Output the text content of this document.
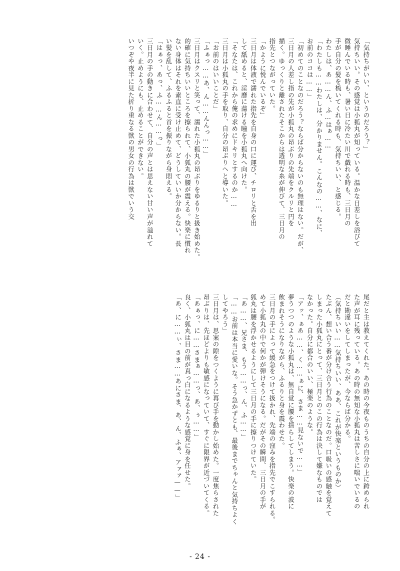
「気持ちがいい、というのだろう？」
気持ちいい。その感覚は小狐丸が知っている。温かな日差しを浴びて
微睡んでいる時も、暑い日に冷たい川で戯れる時も、三日月の
手が自分の髪を梳いてくれる時も、気持ちいい、と感じる。
わたしは、あ……ん、ふ…はぁ……
「わたしも……わたしは、分かりません。こんなの……、なに、
お前のココは……」
「初めてのことなのだろう？ならば分からないのも無理はない。だが、
三日月の人差し指の先が小狐丸の昂ぶりの先端をクルリと円を
描く。ゆっくりと離されたそこからは透明な糸が伸びて、三日月の
指先とつながっていた。
「かように悦んでいるぞ」
三日月は体液で濡れた指先を自身の口に運び、チロリと舌を出
して舐めると、淫靡に蕩ける瞳を小狐丸へ向けた。
「そなたは、これから俺の求めにドキリとするのか……
三日月は小狐丸の手を取り、自分の昂ぶりへと導いた。
「お前のはいいことだ」
「ふぁっ……あ、ん……んんっ……」
三日月はクスリと笑って、濡れた小狐丸の昂ぶりをゆるりと扱き始めた。
的確に気持ちいいところを擦られて、小狐丸の腰が震える。快楽に慣れ
ない身体はそれを素直に受け止めて、どうしていいか分からない。長
い髪を乱して、ふるふると首を振りながら身悶える。
「はぁっ、あっ、ふ……ん……っ」
三日月の手の動きに合わせて、自分の声とは思えない甘い声が溢れて
いく。止めようにも、止めることができない。
いつぞや夜半に見た折り重なる獣の男女の行為は獣でいう交
尾だと主は教えてくれた。あの時の今夜ものうちの自分の上に跨められ
た声が耳に残っている。あの時の無知な小狐丸は苦しさに喘いでいるの
だと勘違いをしてしまったが、今ならば分かる。
（気持ちいい……気持ちいい、ああ、これが快楽というものか）
たぶん、想い合う番が分け合う行為のことなのだ。口吸いの感触を覚えて
しまった小狐丸にとって、三日月とのこの行為は決して嫌なものでは
なかった。自分に都合のいい、極楽のような。
「アッ、ぁあ……、く……ぁに、さま……見ないで……」
夢うつつのような小狐丸は、無自覚に腰を揺らしてしまう。快楽の波に
飲まれそうになりながら、ふるりと身を震わせた。
三日月の手によって緩急をつけて扱かれ、先端の窪みを指先でこすられる。
めて小狐丸の中で何かが弾けそうになる。だがその瞬間、三日月の手が
狐丸は腰を浮かせるようにして三日月の手に擦りつけていた。
「あ……、兄さま、もう……っ、ん、ふ……」
「……お前は本当に愛いな。そう急かずとも、最後までちゃんと気持ちよく
してやろう」
三日月は、思案の隙をつくように再び手を動かし始めた。一度焦らされた
昂ぶりは、先ほどよりも敏感になっていて、すぐに限界が近づいてくる。
「あぁっ、に……さまぁ……っ、あ、ぅ……」
良く、小狐丸は目の前が真っ白になるような感覚に身を任せた。
「あ、に……ぃ、さま……あにさま、あ、ん、ふぁ、アァァ——」
- 24 -
